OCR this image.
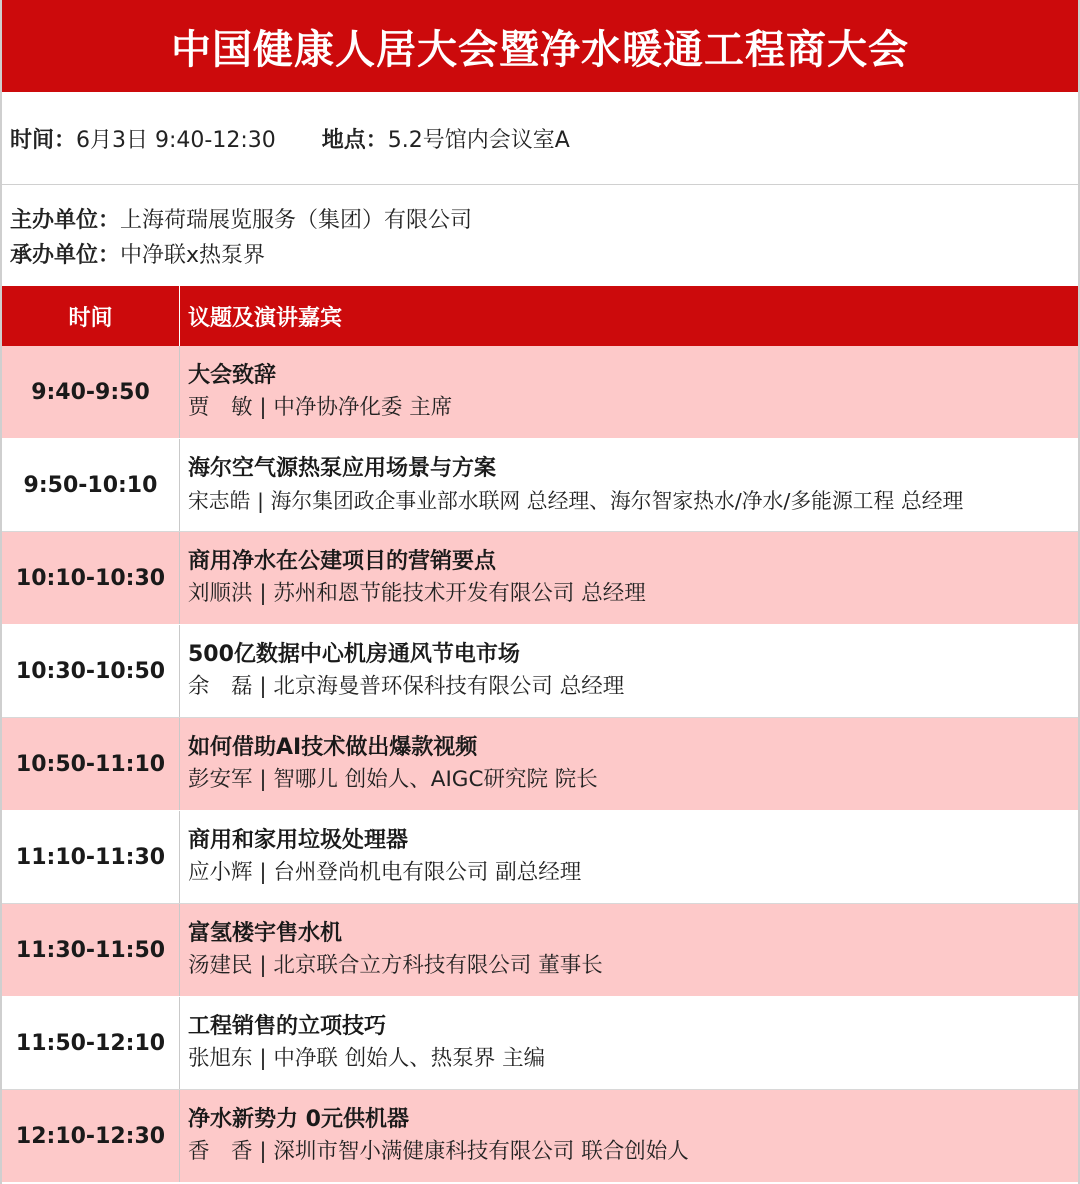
中国健康人居大会暨净水暖通工程商大会
时间： 6月3日 9:40-12:30 地点： 5.2号馆内会议室A
主办单位： 上海荷瑞展览服务（集团）有限公司
承办单位： 中净联x热泵界
时间	议题及演讲嘉宾
9:40-9:50
大会致辞
贾　敏 | 中净协净化委 主席
9:50-10:10
海尔空气源热泵应用场景与方案
宋志皓 | 海尔集团政企事业部水联网 总经理、海尔智家热水/净水/多能源工程 总经理
10:10-10:30
商用净水在公建项目的营销要点
刘顺洪 | 苏州和恩节能技术开发有限公司 总经理
10:30-10:50
500亿数据中心机房通风节电市场
余　磊 | 北京海曼普环保科技有限公司 总经理
10:50-11:10
如何借助AI技术做出爆款视频
彭安军 | 智哪儿 创始人、AIGC研究院 院长
11:10-11:30
商用和家用垃圾处理器
应小辉 | 台州登尚机电有限公司 副总经理
11:30-11:50
富氢楼宇售水机
汤建民 | 北京联合立方科技有限公司 董事长
11:50-12:10
工程销售的立项技巧
张旭东 | 中净联 创始人、热泵界 主编
12:10-12:30
净水新势力 0元供机器
香　香 | 深圳市智小满健康科技有限公司 联合创始人
